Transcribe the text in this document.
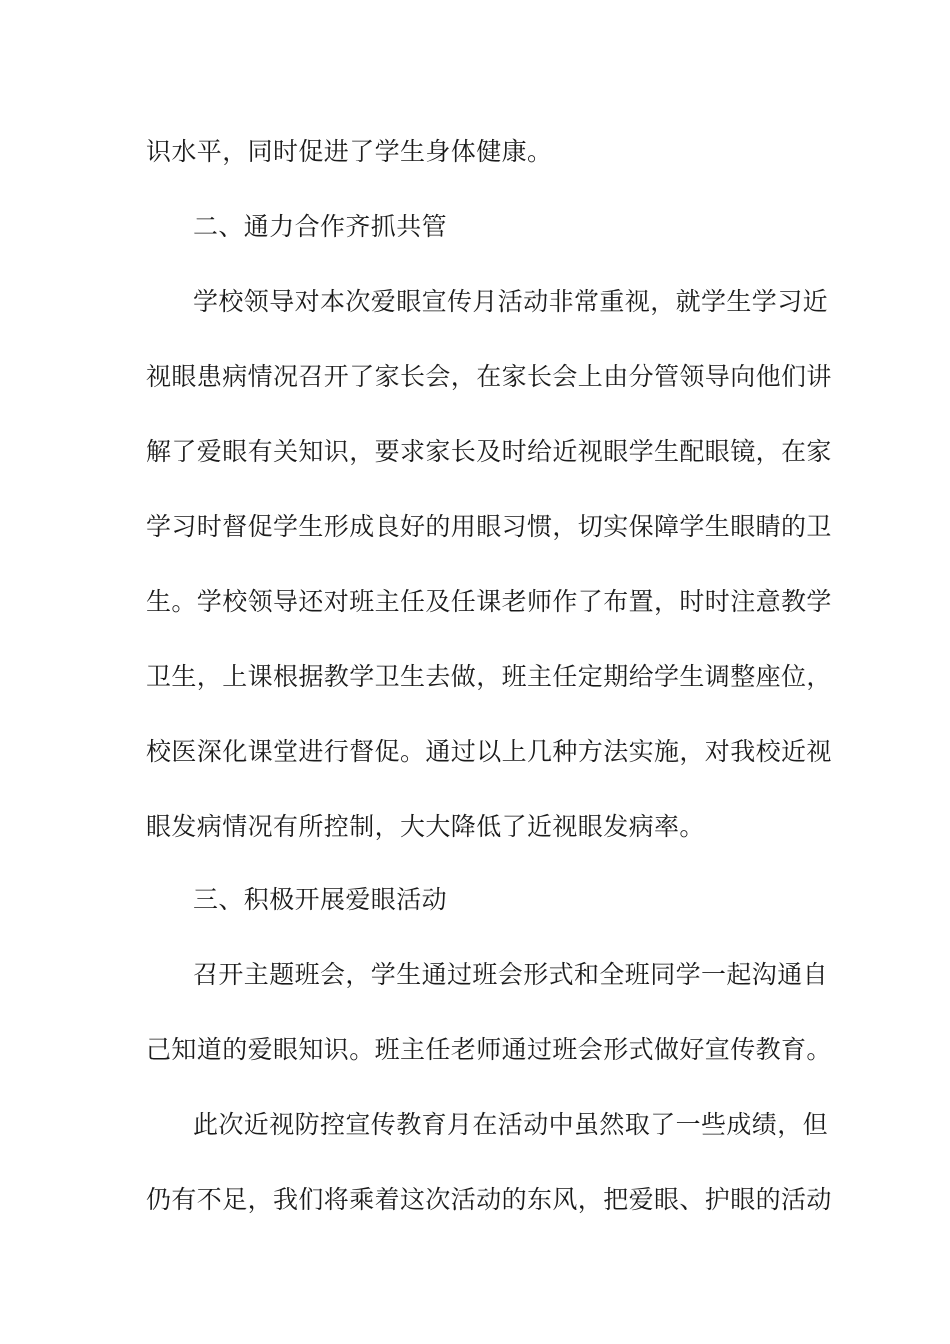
识水平，同时促进了学生身体健康。
二、通力合作齐抓共管
学校领导对本次爱眼宣传月活动非常重视，就学生学习近
视眼患病情况召开了家长会，在家长会上由分管领导向他们讲
解了爱眼有关知识，要求家长及时给近视眼学生配眼镜，在家
学习时督促学生形成良好的用眼习惯，切实保障学生眼睛的卫
生。学校领导还对班主任及任课老师作了布置，时时注意教学
卫生，上课根据教学卫生去做，班主任定期给学生调整座位，
校医深化课堂进行督促。通过以上几种方法实施，对我校近视
眼发病情况有所控制，大大降低了近视眼发病率。
三、积极开展爱眼活动
召开主题班会，学生通过班会形式和全班同学一起沟通自
己知道的爱眼知识。班主任老师通过班会形式做好宣传教育。
此次近视防控宣传教育月在活动中虽然取了一些成绩，但
仍有不足，我们将乘着这次活动的东风，把爱眼、护眼的活动
